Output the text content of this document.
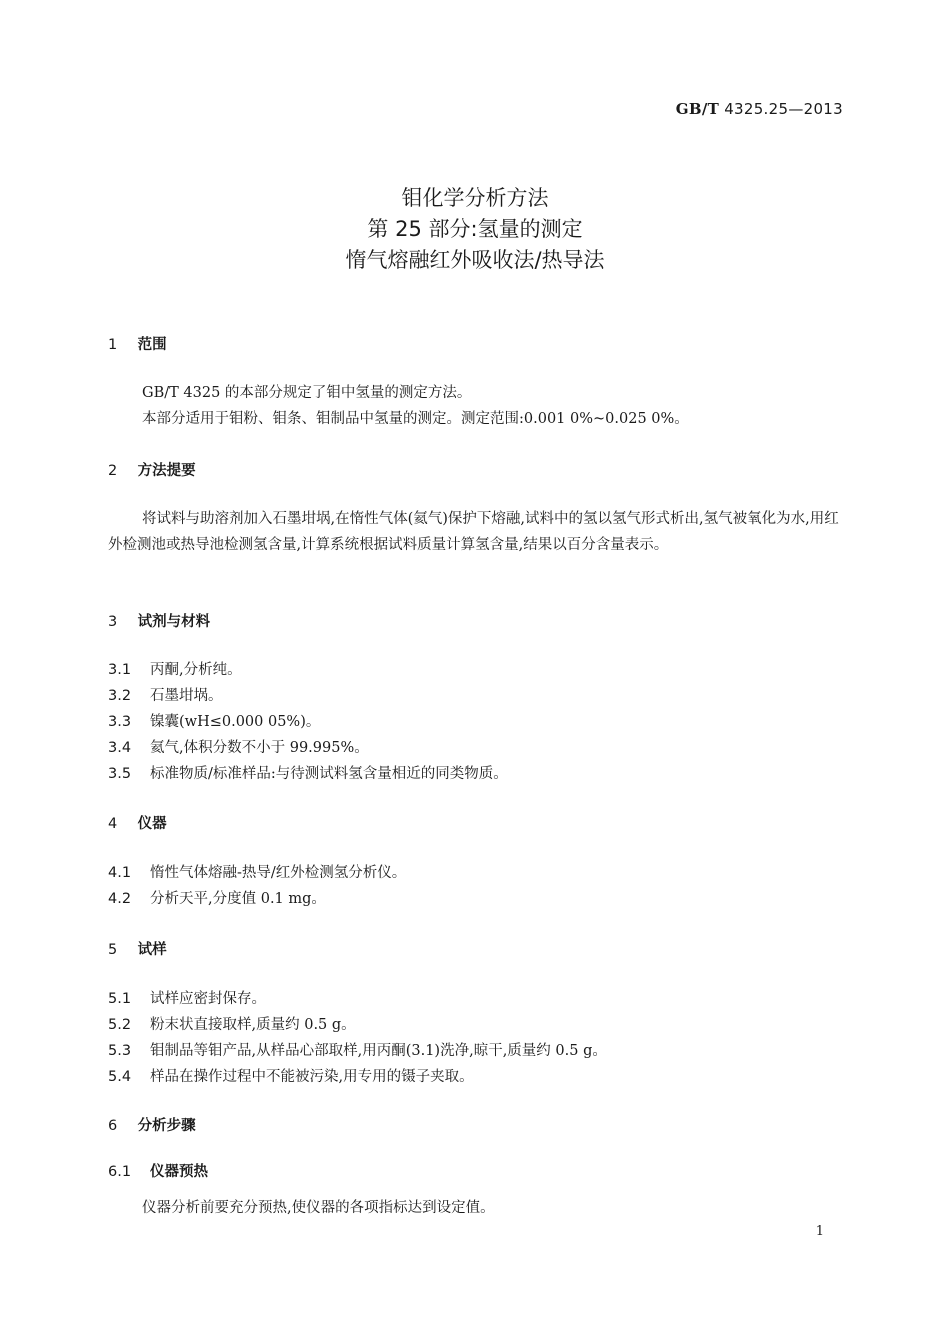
GB/T 4325.25—2013
钼化学分析方法
第 25 部分:氢量的测定
惰气熔融红外吸收法/热导法
1 范围
GB/T 4325 的本部分规定了钼中氢量的测定方法。
本部分适用于钼粉、钼条、钼制品中氢量的测定。测定范围:0.001 0%~0.025 0%。
2 方法提要
将试料与助溶剂加入石墨坩埚,在惰性气体(氦气)保护下熔融,试料中的氢以氢气形式析出,氢气被氧化为水,用红外检测池或热导池检测氢含量,计算系统根据试料质量计算氢含量,结果以百分含量表示。
3 试剂与材料
3.1 丙酮,分析纯。
3.2 石墨坩埚。
3.3 镍囊(wH≤0.000 05%)。
3.4 氦气,体积分数不小于 99.995%。
3.5 标准物质/标准样品:与待测试料氢含量相近的同类物质。
4 仪器
4.1 惰性气体熔融-热导/红外检测氢分析仪。
4.2 分析天平,分度值 0.1 mg。
5 试样
5.1 试样应密封保存。
5.2 粉末状直接取样,质量约 0.5 g。
5.3 钼制品等钼产品,从样品心部取样,用丙酮(3.1)洗净,晾干,质量约 0.5 g。
5.4 样品在操作过程中不能被污染,用专用的镊子夹取。
6 分析步骤
6.1 仪器预热
仪器分析前要充分预热,使仪器的各项指标达到设定值。
1
